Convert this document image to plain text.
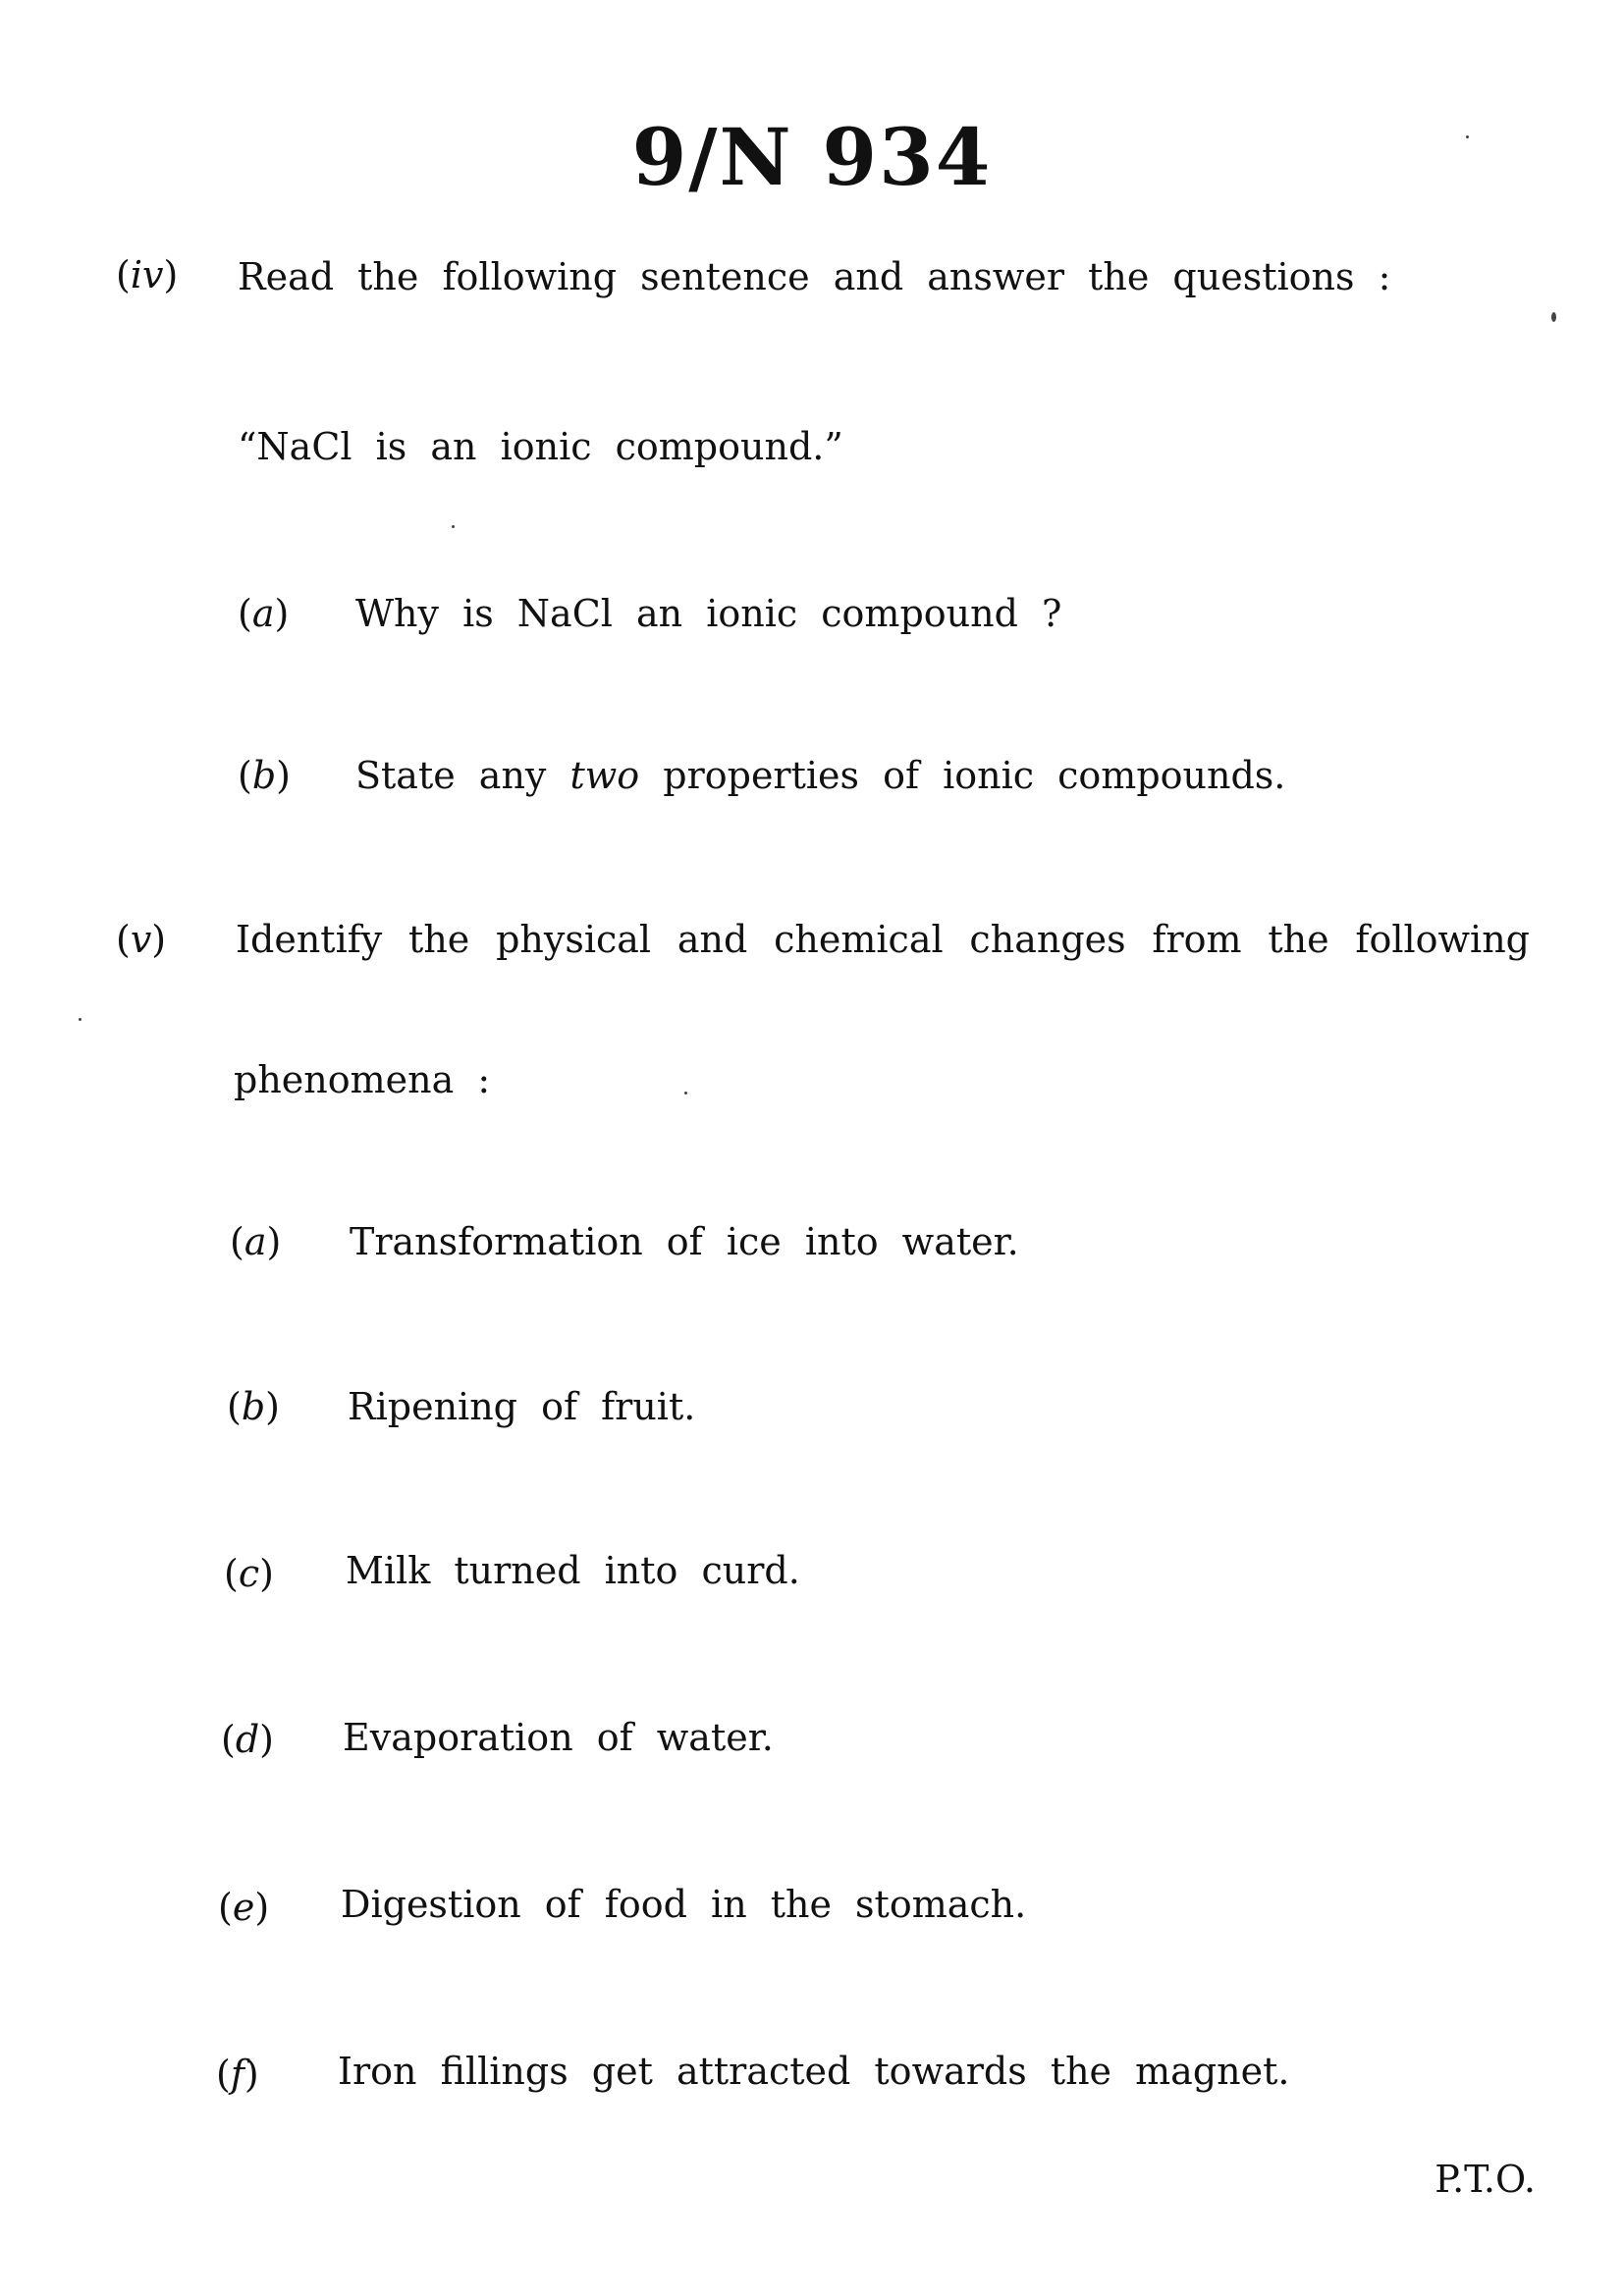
9/N 934
(iv) Read the following sentence and answer the questions :
“NaCl is an ionic compound.”
(a) Why is NaCl an ionic compound ?
(b) State any two properties of ionic compounds.
(v) Identify the physical and chemical changes from the following
phenomena :
(a) Transformation of ice into water.
(b) Ripening of fruit.
(c) Milk turned into curd.
(d) Evaporation of water.
(e) Digestion of food in the stomach.
(f) Iron fillings get attracted towards the magnet.
P.T.O.
